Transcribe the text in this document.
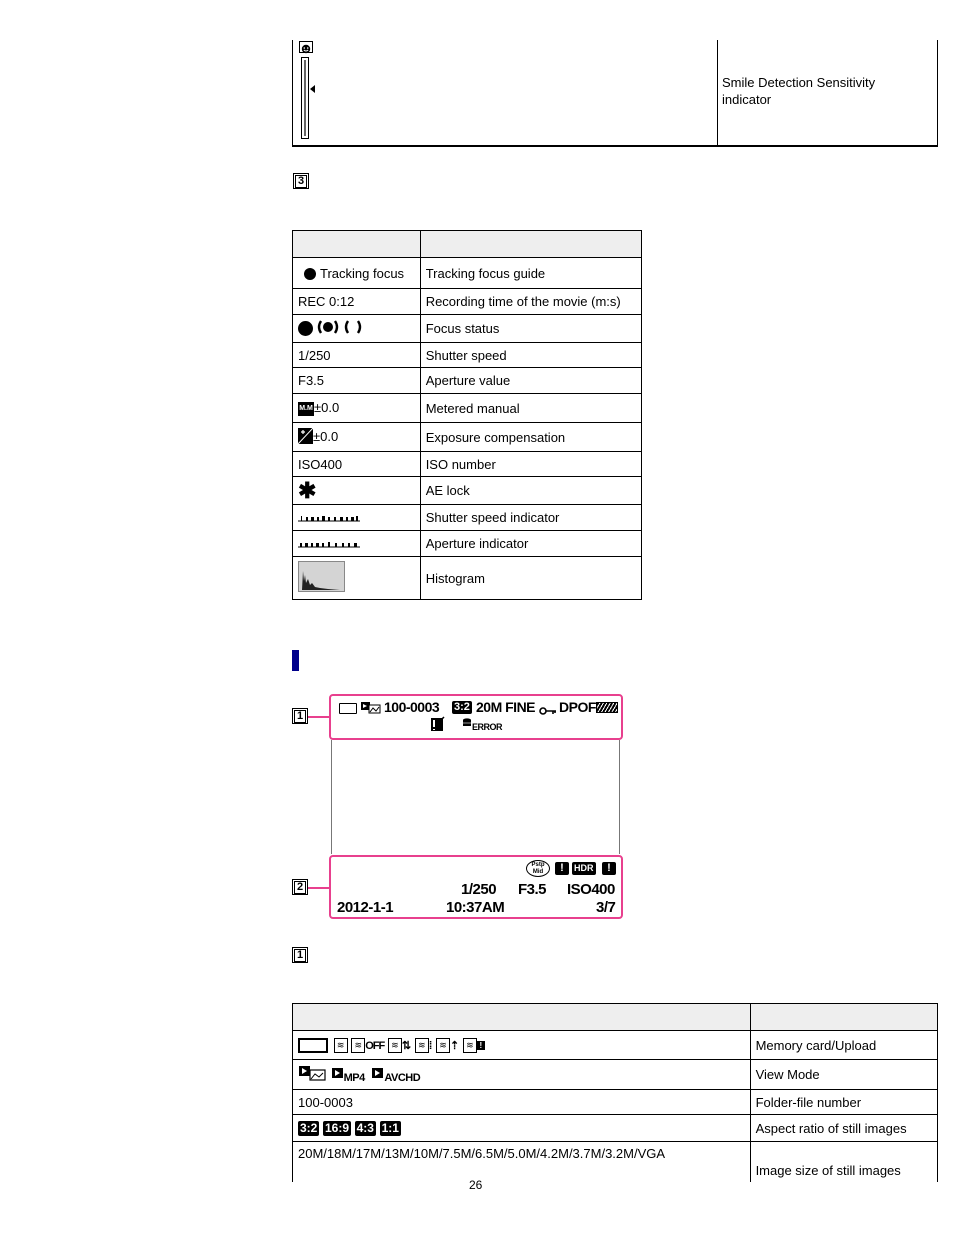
Smile Detection Sensitivity indicator
3

Tracking focus	Tracking focus guide
REC 0:12	Recording time of the movie (m:s)
	Focus status
1/250	Shutter speed
F3.5	Aperture value
M.M±0.0	Metered manual
±0.0	Exposure compensation
ISO400	ISO number
✱	AE lock
	Shutter speed indicator
	Aperture indicator
	Histogram
1
2
100-0003 3:2 20M FINE DPOF
ERROR
Pstp Mid	!	HDR	!
1/250 F3.5 ISO400
2012-1-1	10:37AM	3/7
1

≋ ≋ OFF ≋ ⇅ ≋ ⁞ ≋ ⇡ ≋ !	Memory card/Upload
MP4 AVCHD	View Mode
100-0003	Folder-file number
3:2 16:9 4:3 1:1	Aspect ratio of still images
20M/18M/17M/13M/10M/7.5M/6.5M/5.0M/4.2M/3.7M/3.2M/VGA	Image size of still images
26
